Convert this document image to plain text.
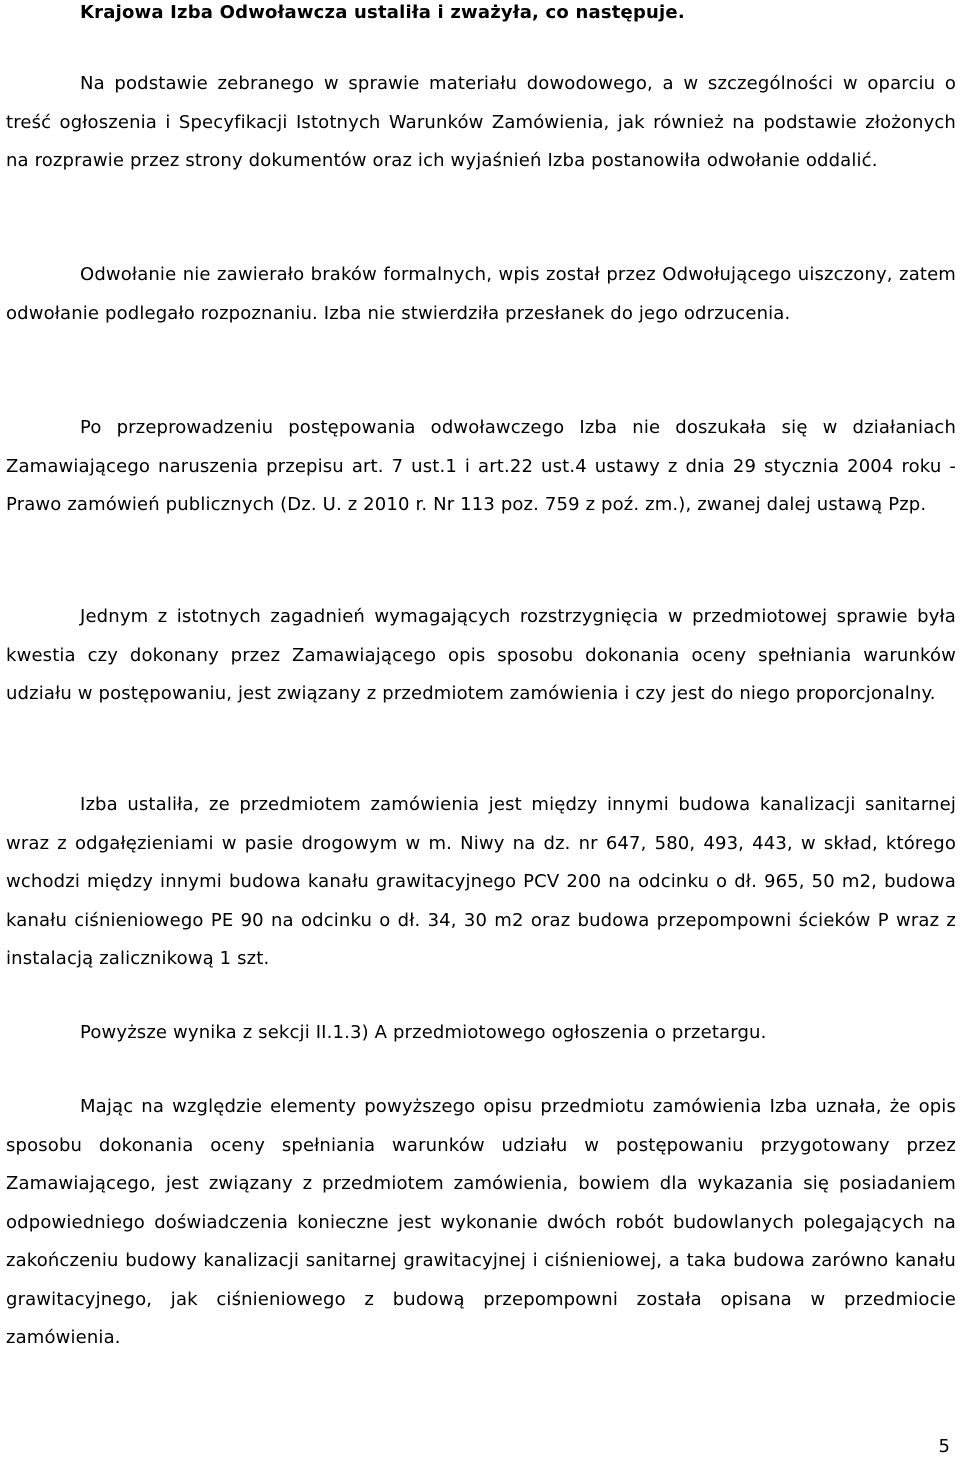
Krajowa Izba Odwoławcza ustaliła i zważyła, co następuje.

Na podstawie zebranego w sprawie materiału dowodowego, a w szczególności w oparciu o treść ogłoszenia i Specyfikacji Istotnych Warunków Zamówienia, jak również na podstawie złożonych na rozprawie przez strony dokumentów oraz ich wyjaśnień Izba postanowiła odwołanie oddalić.

Odwołanie nie zawierało braków formalnych, wpis został przez Odwołującego uiszczony, zatem odwołanie podlegało rozpoznaniu. Izba nie stwierdziła przesłanek do jego odrzucenia.

Po przeprowadzeniu postępowania odwoławczego Izba nie doszukała się w działaniach Zamawiającego naruszenia przepisu art. 7 ust.1 i art.22 ust.4 ustawy z dnia 29 stycznia 2004 roku - Prawo zamówień publicznych (Dz. U. z 2010 r. Nr 113 poz. 759 z poź. zm.), zwanej dalej ustawą Pzp.

Jednym z istotnych zagadnień wymagających rozstrzygnięcia w przedmiotowej sprawie była kwestia czy dokonany przez Zamawiającego opis sposobu dokonania oceny spełniania warunków udziału w postępowaniu, jest związany z przedmiotem zamówienia i czy jest do niego proporcjonalny.

Izba ustaliła, ze przedmiotem zamówienia jest między innymi budowa kanalizacji sanitarnej wraz z odgałęzieniami w pasie drogowym w m. Niwy na dz. nr 647, 580, 493, 443, w skład, którego wchodzi między innymi budowa kanału grawitacyjnego PCV 200 na odcinku o dł. 965, 50 m2, budowa kanału ciśnieniowego PE 90 na odcinku o dł. 34, 30 m2 oraz budowa przepompowni ścieków P wraz z instalacją zalicznikową 1 szt.

Powyższe wynika z sekcji II.1.3) A przedmiotowego ogłoszenia o przetargu.

Mając na względzie elementy powyższego opisu przedmiotu zamówienia Izba uznała, że opis sposobu dokonania oceny spełniania warunków udziału w postępowaniu przygotowany przez Zamawiającego, jest związany z przedmiotem zamówienia, bowiem dla wykazania się posiadaniem odpowiedniego doświadczenia konieczne jest wykonanie dwóch robót budowlanych polegających na zakończeniu budowy kanalizacji sanitarnej grawitacyjnej i ciśnieniowej, a taka budowa zarówno kanału grawitacyjnego, jak ciśnieniowego z budową przepompowni została opisana w przedmiocie zamówienia.

5
